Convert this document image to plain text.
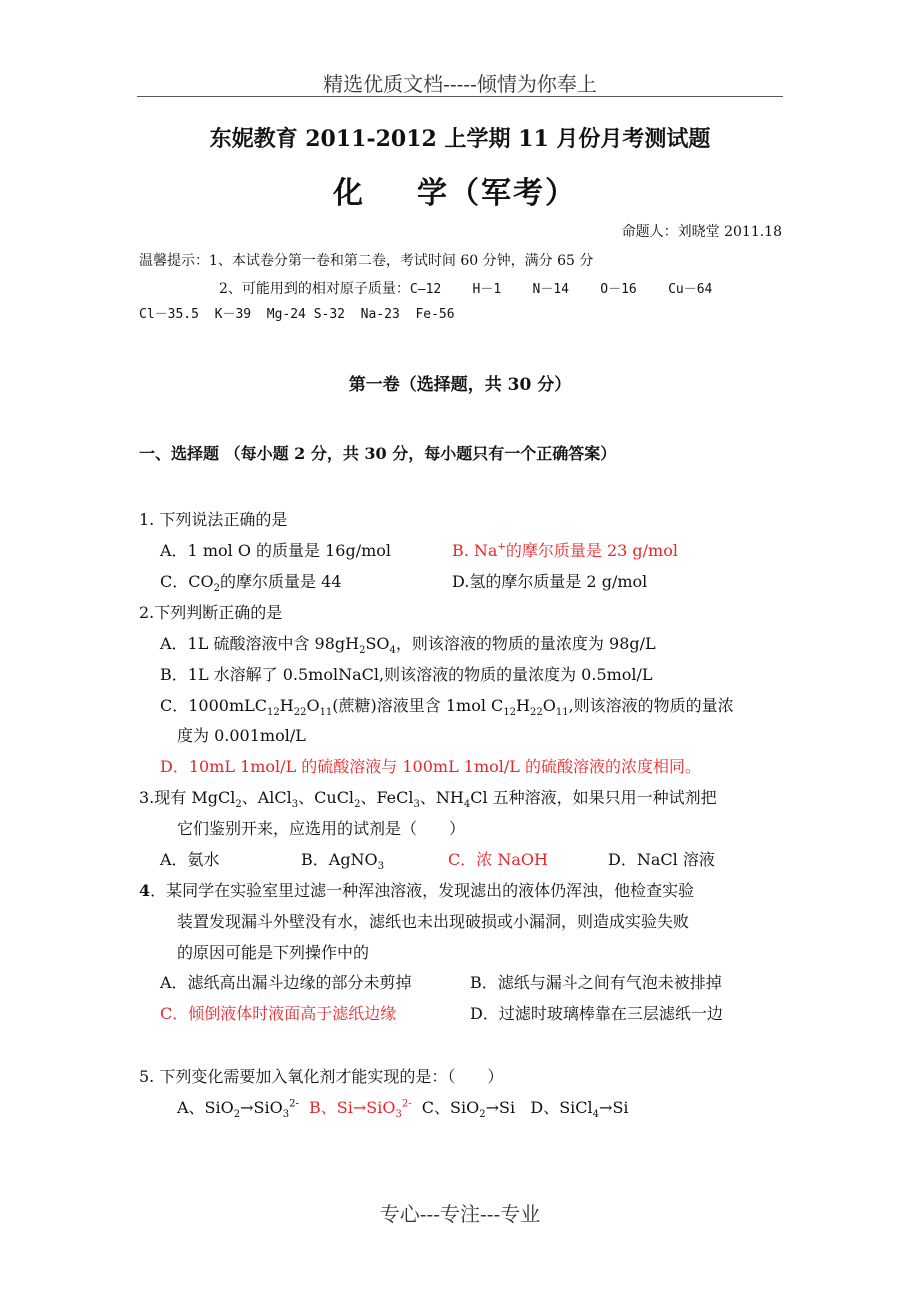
精选优质文档-----倾情为你奉上
东妮教育 2011-2012 上学期 11 月份月考测试题
化 学（军考）
命题人：刘晓堂 2011.18
温馨提示：1、本试卷分第一卷和第二卷，考试时间 60 分钟，满分 65 分
2、可能用到的相对原子质量：C—12    H－1    N－14    O－16    Cu－64
Cl－35.5  K－39  Mg-24 S-32  Na-23  Fe-56
第一卷（选择题，共 30 分）
一、选择题 （每小题 2 分，共 30 分，每小题只有一个正确答案）
1. 下列说法正确的是
A．1 mol O 的质量是 16g/mol	B. Na+的摩尔质量是 23 g/mol
C．$CO_2$的摩尔质量是 44	D.氢的摩尔质量是 2 g/mol
2.下列判断正确的是
A．1L 硫酸溶液中含 $98gH_2SO_4$，则该溶液的物质的量浓度为 98g/L
B．1L 水溶解了 0.5molNaCl,则该溶液的物质的量浓度为 0.5mol/L
C．$1000mLC_{12}H_{22}O_{11}$(蔗糖)溶液里含 1mol $C_{12}H_{22}O_{11}$,则该溶液的物质的量浓
度为 0.001mol/L
D．10mL 1mol/L 的硫酸溶液与 100mL 1mol/L 的硫酸溶液的浓度相同。
3.现有 MgCl$_2$、AlCl$_3$、CuCl$_2$、FeCl$_3$、$NH_4Cl$ 五种溶液，如果只用一种试剂把
它们鉴别开来，应选用的试剂是（　　）
A．氨水	B．AgNO$_3$	C．浓 NaOH	D．NaCl 溶液
4．某同学在实验室里过滤一种浑浊溶液，发现滤出的液体仍浑浊，他检查实验
装置发现漏斗外壁没有水，滤纸也未出现破损或小漏洞，则造成实验失败
的原因可能是下列操作中的
A．滤纸高出漏斗边缘的部分未剪掉	B．滤纸与漏斗之间有气泡未被排掉
C．倾倒液体时液面高于滤纸边缘	D．过滤时玻璃棒靠在三层滤纸一边
5. 下列变化需要加入氧化剂才能实现的是：（　　）
A、SiO$_2$→SiO$_3^{2-}$ B、Si→SiO$_3^{2-}$ C、SiO$_2$→Si D、SiCl$_4$→Si
专心---专注---专业
